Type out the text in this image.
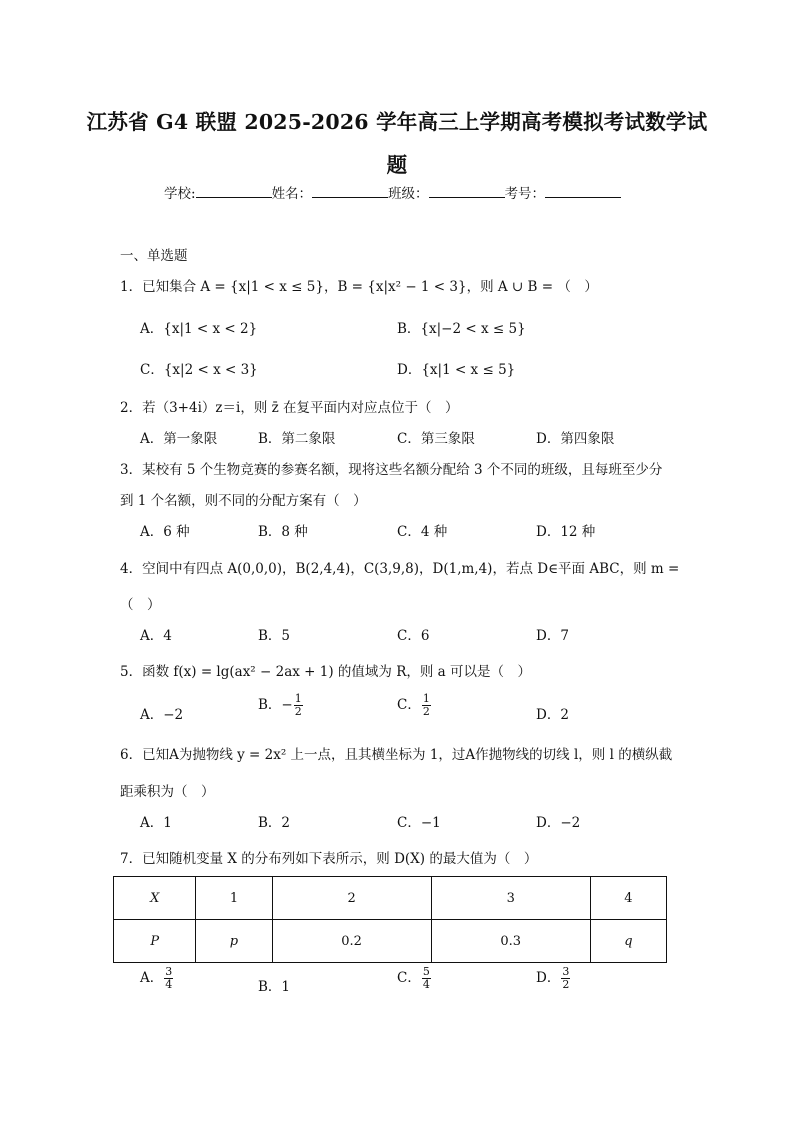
江苏省 G4 联盟 2025-2026 学年高三上学期高考模拟考试数学试
题
学校:	姓名：	班级：	考号：
一、单选题
1．已知集合 A = {x|1 < x ≤ 5}，B = {x|x² − 1 < 3}，则 A ∪ B = （　）
A．{x|1 < x < 2}	B．{x|−2 < x ≤ 5}
C．{x|2 < x < 3}	D．{x|1 < x ≤ 5}
2．若（3+4i）z＝i，则 z̄ 在复平面内对应点位于（　）
A．第一象限	B．第二象限	C．第三象限	D．第四象限
3．某校有 5 个生物竞赛的参赛名额，现将这些名额分配给 3 个不同的班级，且每班至少分
到 1 个名额，则不同的分配方案有（　）
A．6 种	B．8 种	C．4 种	D．12 种
4．空间中有四点 A(0,0,0)，B(2,4,4)，C(3,9,8)，D(1,m,4)，若点 D∈平面 ABC，则 m =
（　）
A．4	B．5	C．6	D．7
5．函数 f(x) = lg(ax² − 2ax + 1) 的值域为 R，则 a 可以是（　）
A．−2
B．− $\frac{1}{2}$	C． $\frac{1}{2}$	D．2
6．已知A为抛物线 y = 2x² 上一点，且其横坐标为 1，过A作抛物线的切线 l，则 l 的横纵截
距乘积为（　）
A．1	B．2	C．−1	D．−2
7．已知随机变量 X 的分布列如下表所示，则 D(X) 的最大值为（　）
X	1	2	3	4
P	p	0.2	0.3	q
A． $\frac{3}{4}$	B．1
C． $\frac{5}{4}$	D． $\frac{3}{2}$
